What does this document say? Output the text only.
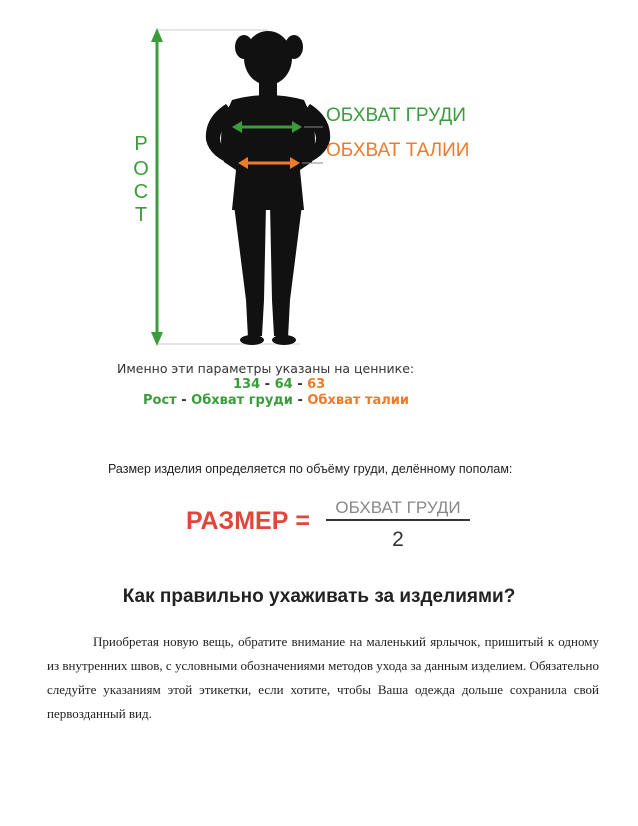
Р
О
С
Т
ОБХВАТ ГРУДИ
ОБХВАТ ТАЛИИ
Именно эти параметры указаны на ценнике:
134 - 64 - 63
Рост - Обхват груди - Обхват талии
Размер изделия определяется по объёму груди, делённому пополам:
РАЗМЕР = ОБХВАТ ГРУДИ
2
Как правильно ухаживать за изделиями?
Приобретая новую вещь, обратите внимание на маленький ярлычок, пришитый к одному из внутренних швов, с условными обозначениями методов ухода за данным изделием. Обязательно следуйте указаниям этой этикетки, если хотите, чтобы Ваша одежда дольше сохранила свой первозданный вид.
